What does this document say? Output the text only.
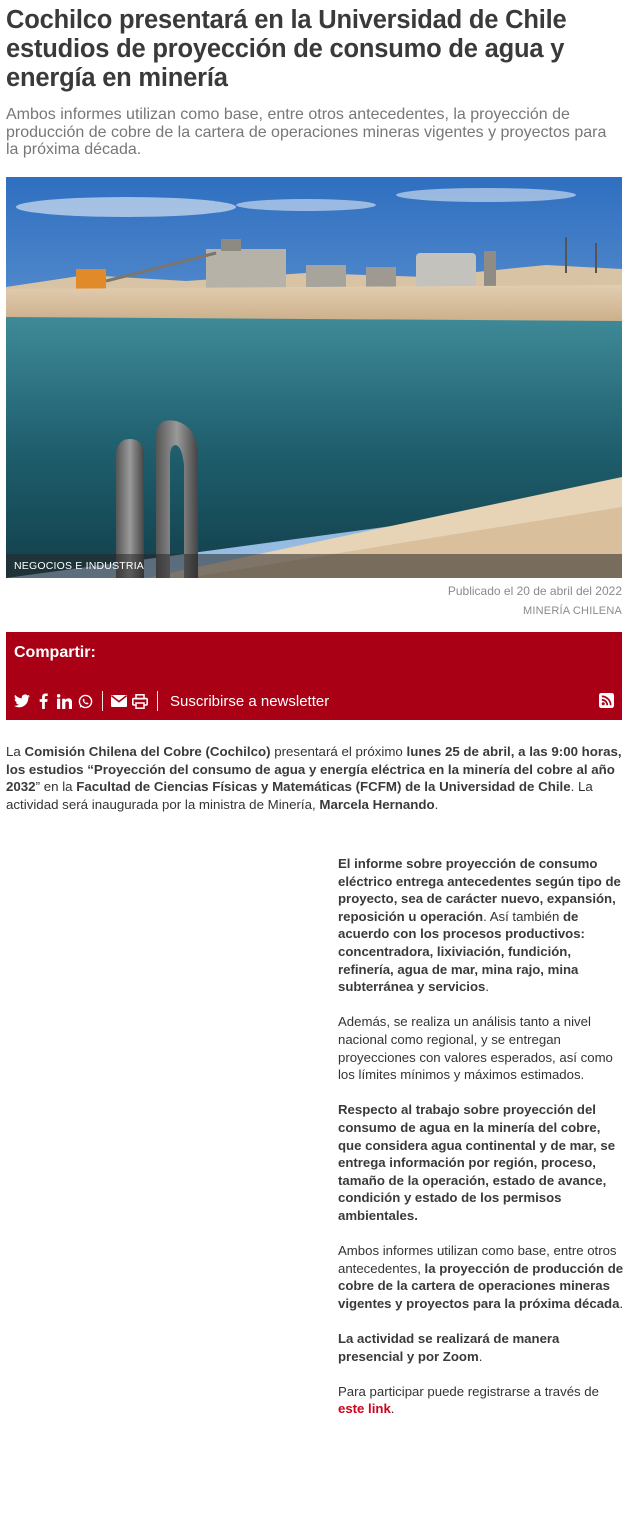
Cochilco presentará en la Universidad de Chile estudios de proyección de consumo de agua y energía en minería

Ambos informes utilizan como base, entre otros antecedentes, la proyección de producción de cobre de la cartera de operaciones mineras vigentes y proyectos para la próxima década.

NEGOCIOS E INDUSTRIA
Publicado el 20 de abril del 2022
MINERÍA CHILENA
Compartir:
Suscribirse a newsletter

La Comisión Chilena del Cobre (Cochilco) presentará el próximo lunes 25 de abril, a las 9:00 horas, los estudios “Proyección del consumo de agua y energía eléctrica en la minería del cobre al año 2032” en la Facultad de Ciencias Físicas y Matemáticas (FCFM) de la Universidad de Chile. La actividad será inaugurada por la ministra de Minería, Marcela Hernando.

El informe sobre proyección de consumo eléctrico entrega antecedentes según tipo de proyecto, sea de carácter nuevo, expansión, reposición u operación. Así también de acuerdo con los procesos productivos: concentradora, lixiviación, fundición, refinería, agua de mar, mina rajo, mina subterránea y servicios.

Además, se realiza un análisis tanto a nivel nacional como regional, y se entregan proyecciones con valores esperados, así como los límites mínimos y máximos estimados.

Respecto al trabajo sobre proyección del consumo de agua en la minería del cobre, que considera agua continental y de mar, se entrega información por región, proceso, tamaño de la operación, estado de avance, condición y estado de los permisos ambientales.

Ambos informes utilizan como base, entre otros antecedentes, la proyección de producción de cobre de la cartera de operaciones mineras vigentes y proyectos para la próxima década.

La actividad se realizará de manera presencial y por Zoom.

Para participar puede registrarse a través de este link.
